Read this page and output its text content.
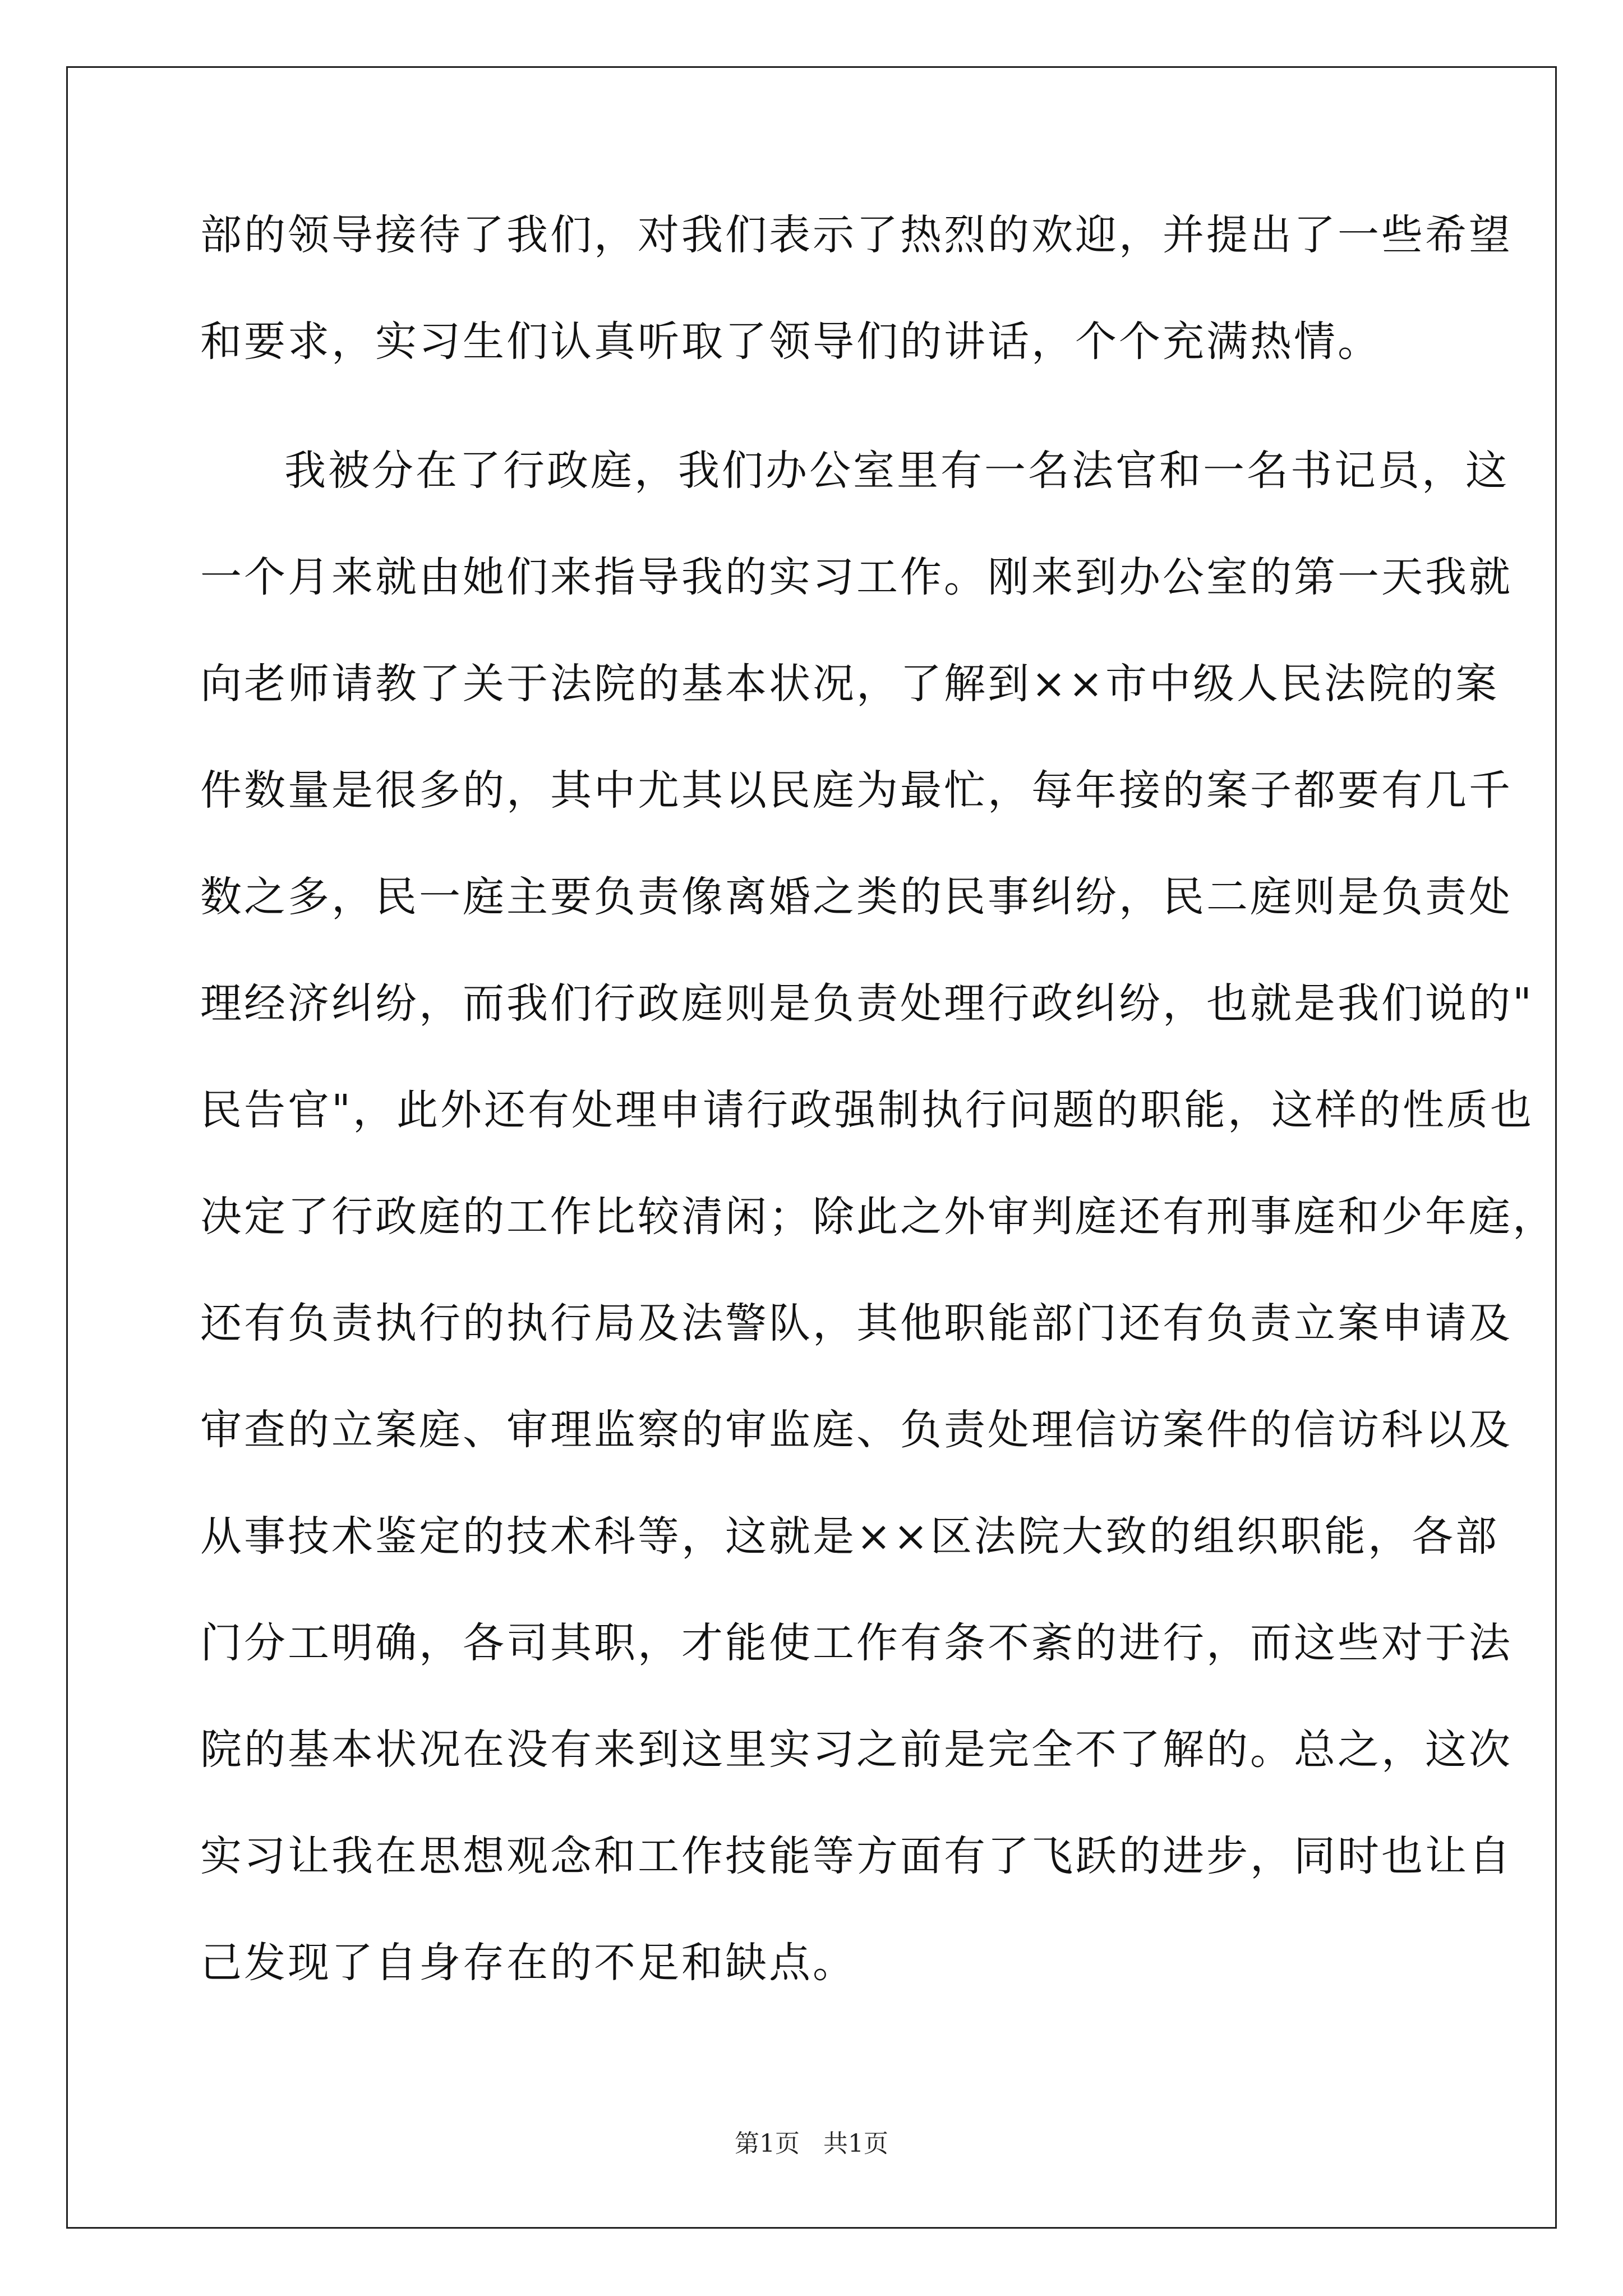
部的领导接待了我们，对我们表示了热烈的欢迎，并提出了一些希望
和要求，实习生们认真听取了领导们的讲话，个个充满热情。
我被分在了行政庭，我们办公室里有一名法官和一名书记员，这
一个月来就由她们来指导我的实习工作。刚来到办公室的第一天我就
向老师请教了关于法院的基本状况，了解到××市中级人民法院的案
件数量是很多的，其中尤其以民庭为最忙，每年接的案子都要有几千
数之多，民一庭主要负责像离婚之类的民事纠纷，民二庭则是负责处
理经济纠纷，而我们行政庭则是负责处理行政纠纷，也就是我们说的"
民告官"，此外还有处理申请行政强制执行问题的职能，这样的性质也
决定了行政庭的工作比较清闲；除此之外审判庭还有刑事庭和少年庭，
还有负责执行的执行局及法警队，其他职能部门还有负责立案申请及
审查的立案庭、审理监察的审监庭、负责处理信访案件的信访科以及
从事技术鉴定的技术科等，这就是××区法院大致的组织职能，各部
门分工明确，各司其职，才能使工作有条不紊的进行，而这些对于法
院的基本状况在没有来到这里实习之前是完全不了解的。总之，这次
实习让我在思想观念和工作技能等方面有了飞跃的进步，同时也让自
己发现了自身存在的不足和缺点。
第1页   共1页
